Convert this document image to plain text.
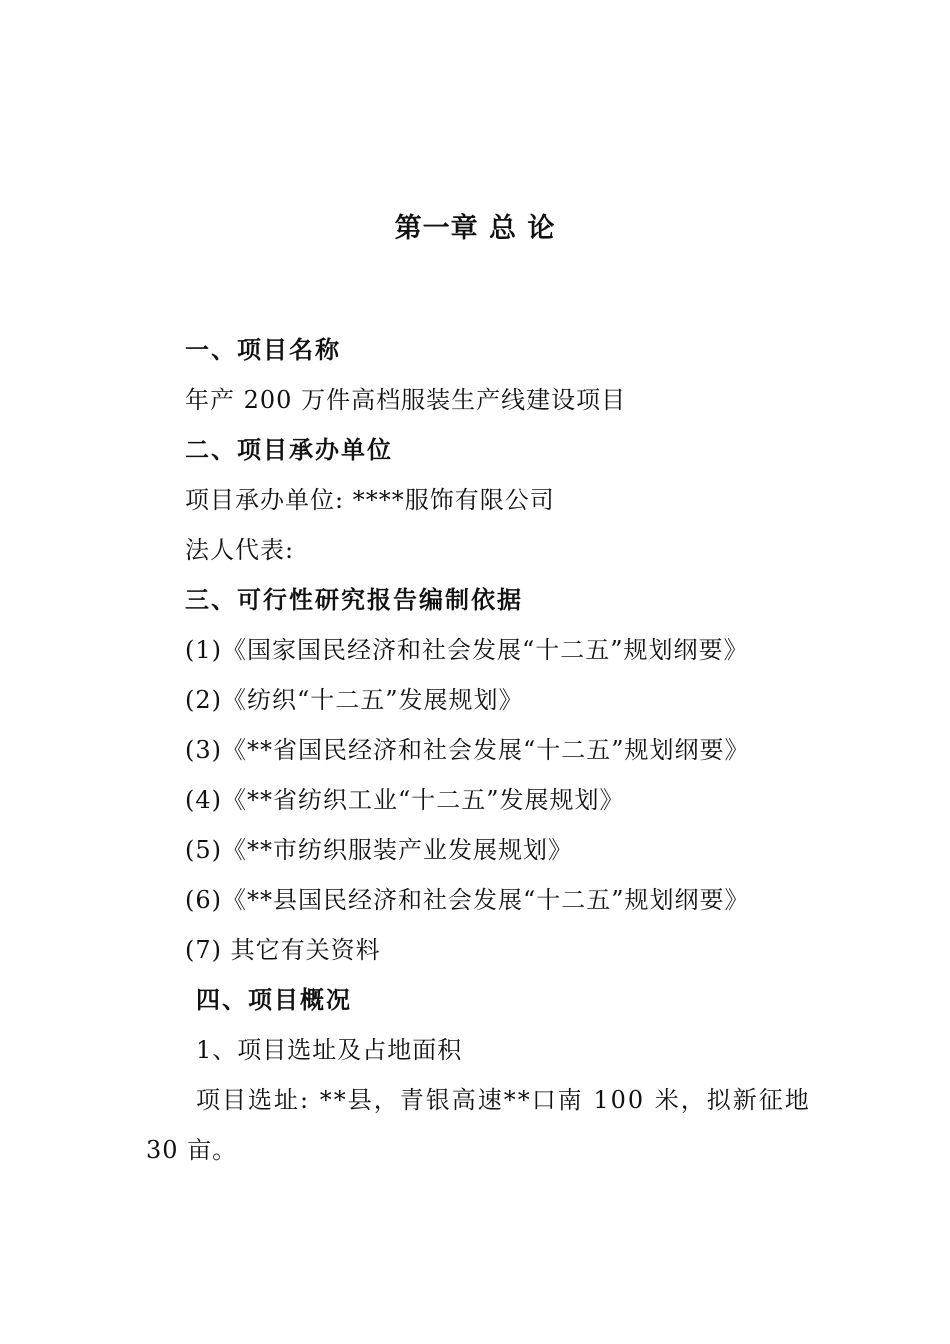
第一章 总 论
一、项目名称
年产 200 万件高档服装生产线建设项目
二、项目承办单位
项目承办单位: ****服饰有限公司
法人代表:
三、可行性研究报告编制依据
(1)《国家国民经济和社会发展“十二五”规划纲要》
(2)《纺织“十二五”发展规划》
(3)《**省国民经济和社会发展“十二五”规划纲要》
(4)《**省纺织工业“十二五”发展规划》
(5)《**市纺织服装产业发展规划》
(6)《**县国民经济和社会发展“十二五”规划纲要》
(7) 其它有关资料
四、项目概况
1、项目选址及占地面积
项目选址: **县，青银高速**口南 100 米，拟新征地
30 亩。
